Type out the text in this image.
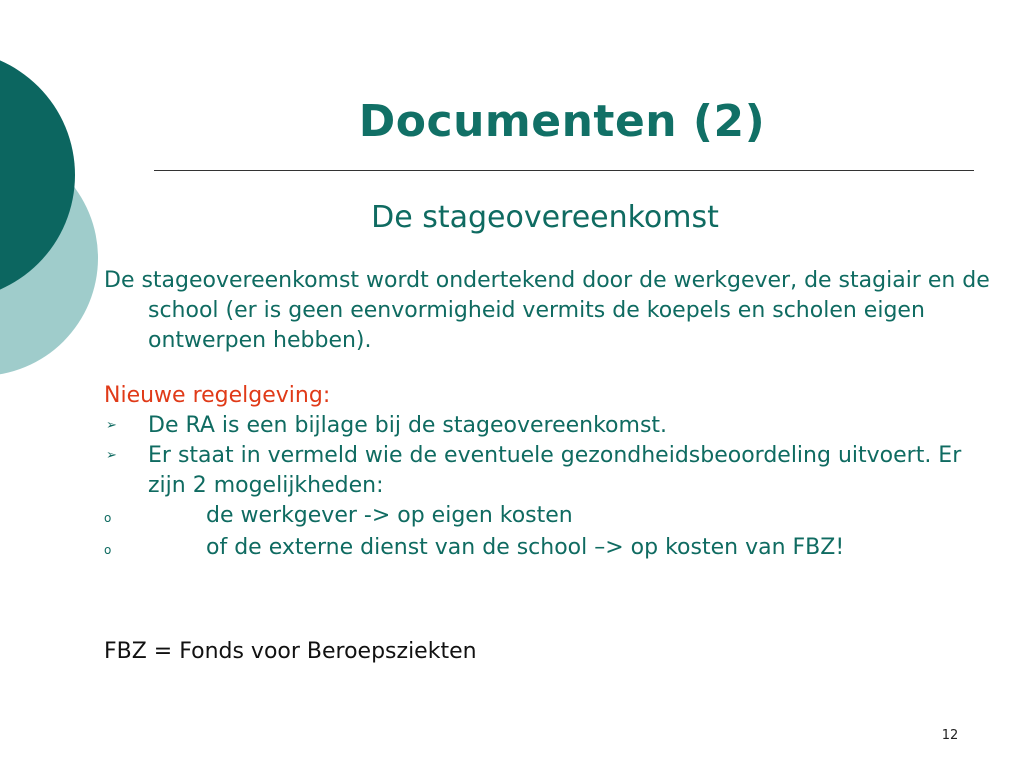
Documenten (2)
De stageovereenkomst

De stageovereenkomst wordt ondertekend door de werkgever, de stagiair en de school (er is geen eenvormigheid vermits de koepels en scholen eigen ontwerpen hebben).

Nieuwe regelgeving:

➢	De RA is een bijlage bij de stageovereenkomst.
➢	Er staat in vermeld wie de eventuele gezondheidsbeoordeling uitvoert. Er zijn 2 mogelijkheden:
o	de werkgever -> op eigen kosten
o	of de externe dienst van de school –> op kosten van FBZ!

FBZ = Fonds voor Beroepsziekten

12
